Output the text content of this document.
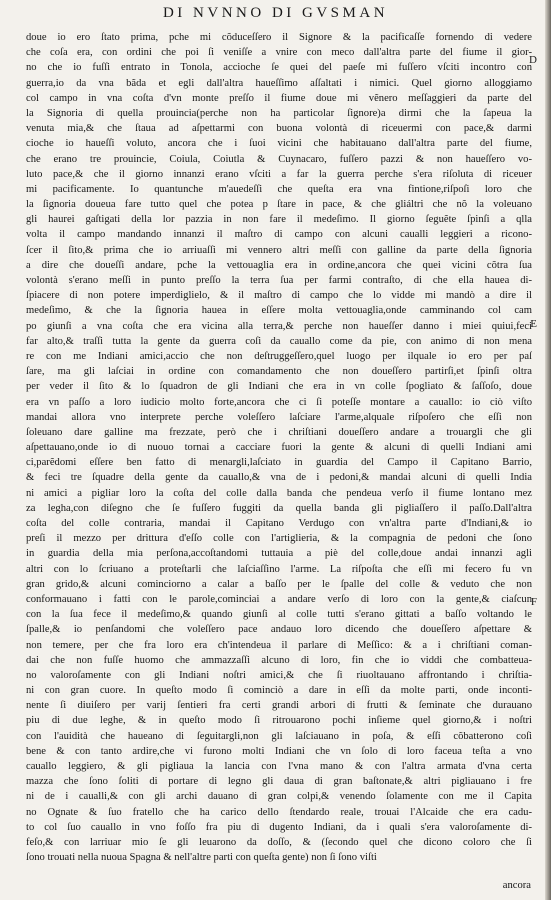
DI NVNNO DI GVSMAN
doue io ero ſtato prima, pche mi cõduceſſero il Signore & la pacificaſſe fornendo di vedere
che coſa era, con ordini che poi ſi veniſſe a vnire con meco dall'altra parte del fiume il gior-
no che io fuſſi entrato in Tonola, accioche ſe quei del paeſe mi fuſſero vſciti incontro con
guerra,io da vna bãda et egli dall'altra haueſſimo aſſaltati i nimici. Quel giorno alloggiamo
col campo in vna coſta d'vn monte preſſo il fiume doue mi vẽnero meſſaggieri da parte del
la Signoria di quella prouincia(perche non ha particolar ſignore)a dirmi che la ſapeua la
venuta mia,& che ſtaua ad aſpettarmi con buona volontà di riceuermi con pace,& darmi
cioche io haueſſi voluto, ancora che i ſuoi vicini che habitauano dall'altra parte del fiume,
che erano tre prouincie, Coiula, Coiutla & Cuynacaro, fuſſero pazzi & non haueſſero vo-
luto pace,& che il giorno innanzi erano vſciti a far la guerra perche s'era riſoluta di riceuer
mi pacificamente. Io quantunche m'auedeſſi che queſta era vna fintione,riſpoſi loro che
la ſignoria doueua fare tutto quel che potea p ſtare in pace, & che gliáltri che nõ la voleuano
gli haurei gaſtigati della lor pazzia in non fare il medeſimo. Il giorno ſeguẽte ſpinſi a qlla
volta il campo mandando innanzi il maſtro di campo con alcuni caualli leggieri a ricono-
ſcer il ſito,& prima che io arriuaſſi mi vennero altri meſſi con galline da parte della ſignoria
a dire che doueſſi andare, pche la vettouaglia era in ordine,ancora che quei vicini cõtra ſua
volontà s'erano meſſi in punto preſſo la terra ſua per farmi contraſto, di che ella haueа di-
ſpiacere di non potere imperdiglielo, & il maſtro di campo che lo vidde mi mandò a dire il
medeſimo, & che la ſignoria hauea in eſſere molta vettouaglia,onde camminando col cam
po giunſi a vna coſta che era vicina alla terra,& perche non haueſſer danno i miei quiui,feci
far alto,& traſſi tutta la gente da guerra coſi da cauallo come da pie, con animo di non mena
re con me Indiani amici,accio che non deſtruggeſſero,quel luogo per ilquale io ero per paſ
ſare, ma gli laſciai in ordine con comandamento che non doueſſero partirſi,et ſpinſi oltra
per veder il ſito & lo ſquadron de gli Indiani che era in vn colle ſpogliato & ſaſſoſo, doue
era vn paſſo a loro iudicio molto forte,ancora che ci ſi poteſſe montare a cauallo: io ciò viſto
mandai allora vno interprete perche voleſſero laſciare l'arme,alquale riſpoſero che eſſi non
ſoleuano dare galline ma frezzate, però che i chriſtiani doueſſero andare a trouargli che gli
aſpettauano,onde io di nuouo tornai a cacciare fuori la gente & alcuni di quelli Indiani ami
ci,parẽdomi eſſere ben fatto di menargli,laſciato in guardia del Campo il Capitano Barrio,
& feci tre ſquadre della gente da cauallo,& vna de i pedoni,& mandai alcuni di quelli India
ni amici a pigliar loro la coſta del colle dalla banda che pendeua verſo il fiume lontano mez
za legha,con diſegno che ſe fuſſero fuggiti da quella banda gli pigliaſſero il paſſo.Dall'altra
coſta del colle contraria, mandai il Capitano Verdugo con vn'altra parte d'Indiani,& io
preſi il mezzo per drittura d'eſſo colle con l'artiglieria, & la compagnia de pedoni che ſono
in guardia della mia perſona,accoſtandomi tuttauia a piè del colle,doue andai innanzi agli
altri con lo ſcriuano a proteſtarli che laſciaſſino l'arme. La riſpoſta che eſſi mi fecero fu vn
gran grido,& alcuni cominciorno a calar a baſſo per le ſpalle del colle & veduto che non
conformauano i fatti con le parole,cominciai a andare verſo di loro con la gente,& ciaſcun
con la ſua fece il medeſimo,& quando giunſi al colle tutti s'erano gittati a baſſo voltando le
ſpalle,& io penſandomi che voleſſero pace andauo loro dicendo che doueſſero aſpettare &
non temere, per che fra loro era ch'intendeua il parlare di Meſſico: & a i chriſtiani coman-
dai che non fuſſe huomo che ammazzaſſi alcuno di loro, fin che io viddi che combatteua-
no valoroſamente con gli Indiani noſtri amici,& che ſi riuoltauano affrontando i chriſtia-
ni con gran cuore. In queſto modo ſi cominciò a dare in eſſi da molte parti, onde inconti-
nente ſi diuiſero per varij ſentieri fra certi grandi arbori di frutti & ſeminate che durauano
piu di due leghe, & in queſto modo ſi ritrouarono pochi inſieme quel giorno,& i noſtri
con l'auidità che haueano di ſeguitargli,non gli laſciauano in poſa, & eſſi cõbatterono coſi
bene & con tanto ardire,che vi furono molti Indiani che vn ſolo di loro faceua teſta a vno
cauallo leggiero, & gli pigliaua la lancia con l'vna mano & con l'altra armata d'vna certa
mazza che ſono ſoliti di portare di legno gli dauа di gran baſtonate,& altri pigliauano i fre
ni de i caualli,& con gli archi dauano di gran colpi,& venendo ſolamente con me il Capita
no Ognate & ſuo fratello che ha carico dello ſtendardo reale, trouai l'Alcaide che era cadu-
to col ſuo cauallo in vno foſſo fra piu di dugento Indiani, da i quali s'era valoroſamente di-
feſo,& con larriuar mio ſe gli leuarono da doſſo, & (ſecondo quel che dicono coloro che ſi
ſono trouati nella nuoua Spagna & nell'altre parti con queſta gente) non ſi ſono viſti
D
E
F
ancora
